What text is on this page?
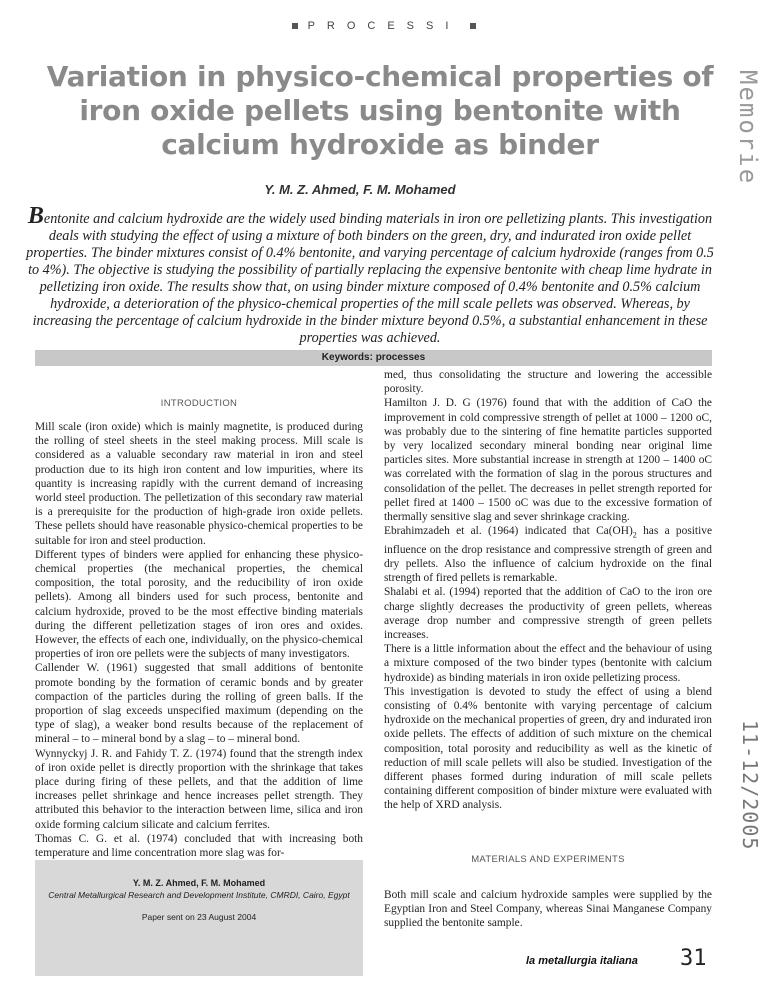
PROCESSI
Variation in physico-chemical properties of iron oxide pellets using bentonite with calcium hydroxide as binder	Memorie
Y. M. Z. Ahmed, F. M. Mohamed
Bentonite and calcium hydroxide are the widely used binding materials in iron ore pelletizing plants. This investigation deals with studying the effect of using a mixture of both binders on the green, dry, and indurated iron oxide pellet properties. The binder mixtures consist of 0.4% bentonite, and varying percentage of calcium hydroxide (ranges from 0.5 to 4%). The objective is studying the possibility of partially replacing the expensive bentonite with cheap lime hydrate in pelletizing iron oxide. The results show that, on using binder mixture composed of 0.4% bentonite and 0.5% calcium hydroxide, a deterioration of the physico-chemical properties of the mill scale pellets was observed. Whereas, by increasing the percentage of calcium hydroxide in the binder mixture beyond 0.5%, a substantial enhancement in these properties was achieved.
Keywords: processes
INTRODUCTION

Mill scale (iron oxide) which is mainly magnetite, is produced during the rolling of steel sheets in the steel making process. Mill scale is considered as a valuable secondary raw material in iron and steel production due to its high iron content and low impurities, where its quantity is increasing rapidly with the current demand of increasing world steel production. The pelletization of this secondary raw material is a prerequisite for the production of high-grade iron oxide pellets. These pellets should have reasonable physico-chemical properties to be suitable for iron and steel production.

Different types of binders were applied for enhancing these physico-chemical properties (the mechanical properties, the chemical composition, the total porosity, and the reducibility of iron oxide pellets). Among all binders used for such process, bentonite and calcium hydroxide, proved to be the most effective binding materials during the different pelletization stages of iron ores and oxides. However, the effects of each one, individually, on the physico-chemical properties of iron ore pellets were the subjects of many investigators.

Callender W. (1961) suggested that small additions of bentonite promote bonding by the formation of ceramic bonds and by greater compaction of the particles during the rolling of green balls. If the proportion of slag exceeds unspecified maximum (depending on the type of slag), a weaker bond results because of the replacement of mineral – to – mineral bond by a slag – to – mineral bond.

Wynnyckyj J. R. and Fahidy T. Z. (1974) found that the strength index of iron oxide pellet is directly proportion with the shrinkage that takes place during firing of these pellets, and that the addition of lime increases pellet shrinkage and hence increases pellet strength. They attributed this behavior to the interaction between lime, silica and iron oxide forming calcium silicate and calcium ferrites.

Thomas C. G. et al. (1974) concluded that with increasing both temperature and lime concentration more slag was for-

Y. M. Z. Ahmed, F. M. Mohamed
Central Metallurgical Research and Development Institute, CMRDI, Cairo, Egypt
Paper sent on 23 August 2004

med, thus consolidating the structure and lowering the accessible porosity.

Hamilton J. D. G (1976) found that with the addition of CaO the improvement in cold compressive strength of pellet at 1000 – 1200 oC, was probably due to the sintering of fine hematite particles supported by very localized secondary mineral bonding near original lime particles sites. More substantial increase in strength at 1200 – 1400 oC was correlated with the formation of slag in the porous structures and consolidation of the pellet. The decreases in pellet strength reported for pellet fired at 1400 – 1500 oC was due to the excessive formation of thermally sensitive slag and sever shrinkage cracking.

Ebrahimzadeh et al. (1964) indicated that $Ca(OH)_2$ has a positive influence on the drop resistance and compressive strength of green and dry pellets. Also the influence of calcium hydroxide on the final strength of fired pellets is remarkable.

Shalabi et al. (1994) reported that the addition of CaO to the iron ore charge slightly decreases the productivity of green pellets, whereas average drop number and compressive strength of green pellets increases.

There is a little information about the effect and the behaviour of using a mixture composed of the two binder types (bentonite with calcium hydroxide) as binding materials in iron oxide pelletizing process.

This investigation is devoted to study the effect of using a blend consisting of 0.4% bentonite with varying percentage of calcium hydroxide on the mechanical properties of green, dry and indurated iron oxide pellets. The effects of addition of such mixture on the chemical composition, total porosity and reducibility as well as the kinetic of reduction of mill scale pellets will also be studied. Investigation of the different phases formed during induration of mill scale pellets containing different composition of binder mixture were evaluated with the help of XRD analysis.

MATERIALS AND EXPERIMENTS
Both mill scale and calcium hydroxide samples were supplied by the Egyptian Iron and Steel Company, whereas Sinai Manganese Company supplied the bentonite sample.
11-12/2005
la metallurgia italiana 31
